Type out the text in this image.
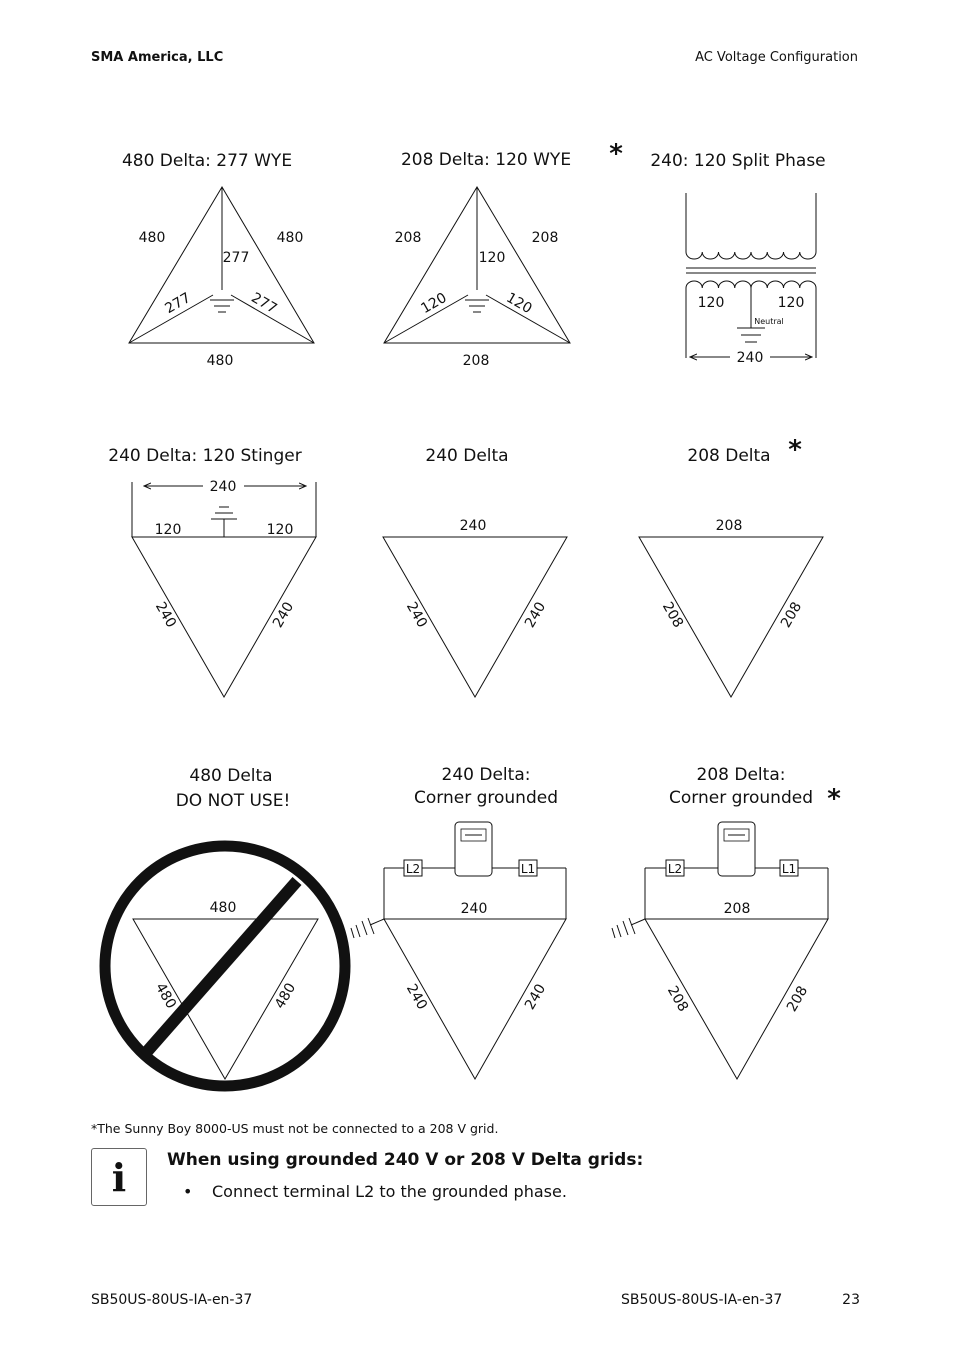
SMA America, LLC	AC Voltage Configuration
480 Delta: 277 WYE
480	480
277
277	277
480
208 Delta: 120 WYE *
208	208
120
120	120
208
240: 120 Split Phase
120	120
Neutral
240
240 Delta: 120 Stinger
240
120	120
240	240
240 Delta
240
240	240
208 Delta *
208
208	208
480 Delta
DO NOT USE!
480
480	480
240 Delta:
Corner grounded
L2	L1
240
240	240
208 Delta:
Corner grounded *
L2	L1
208
208	208
*The Sunny Boy 8000-US must not be connected to a 208 V grid.
i	When using grounded 240 V or 208 V Delta grids:
• Connect terminal L2 to the grounded phase.
SB50US-80US-IA-en-37	SB50US-80US-IA-en-37	23
